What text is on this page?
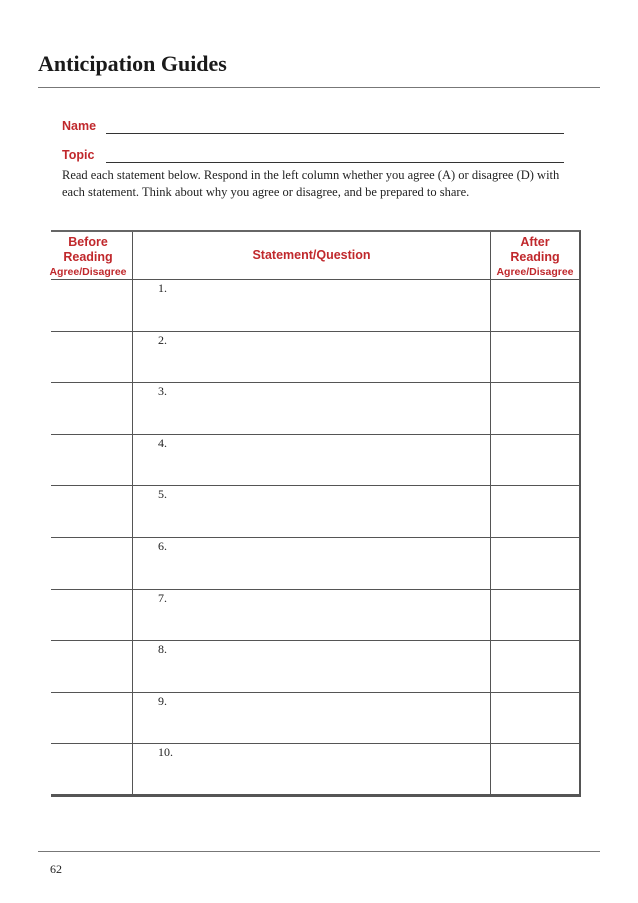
Anticipation Guides
Name
Topic

Read each statement below. Respond in the left column whether you agree (A) or disagree (D) with each statement. Think about why you agree or disagree, and be prepared to share.

Before
Reading
Agree/Disagree
Statement/Question
After
Reading
Agree/Disagree
1.
2.
3.
4.
5.
6.
7.
8.
9.
10.
62
